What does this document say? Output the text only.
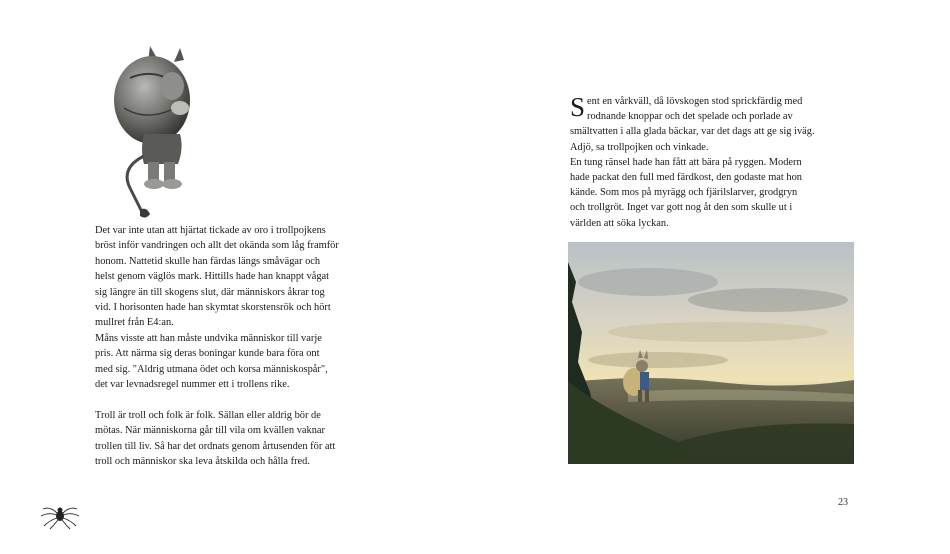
Det var inte utan att hjärtat tickade av oro i trollpojkens
bröst inför vandringen och allt det okända som låg framför
honom. Nattetid skulle han färdas längs småvägar och
helst genom väglös mark. Hittills hade han knappt vågat
sig längre än till skogens slut, där människors åkrar tog
vid. I horisonten hade han skymtat skorstensrök och hört
mullret från E4:an.

Måns visste att han måste undvika människor till varje
pris. Att närma sig deras boningar kunde bara föra ont
med sig. "Aldrig utmana ödet och korsa människospår",
det var levnadsregel nummer ett i trollens rike.

Troll är troll och folk är folk. Sällan eller aldrig bör de
mötas. När människorna går till vila om kvällen vaknar
trollen till liv. Så har det ordnats genom årtusenden för att
troll och människor ska leva åtskilda och hålla fred.

S ent en vårkväll, då lövskogen stod sprickfärdig med
rodnande knoppar och det spelade och porlade av
smältvatten i alla glada bäckar, var det dags att ge sig iväg.
Adjö, sa trollpojken och vinkade.
En tung ränsel hade han fått att bära på ryggen. Modern
hade packat den full med färdkost, den godaste mat hon
kände. Som mos på myrägg och fjärilslarver, grodgryn
och trollgröt. Inget var gott nog åt den som skulle ut i
världen att söka lyckan.

23
